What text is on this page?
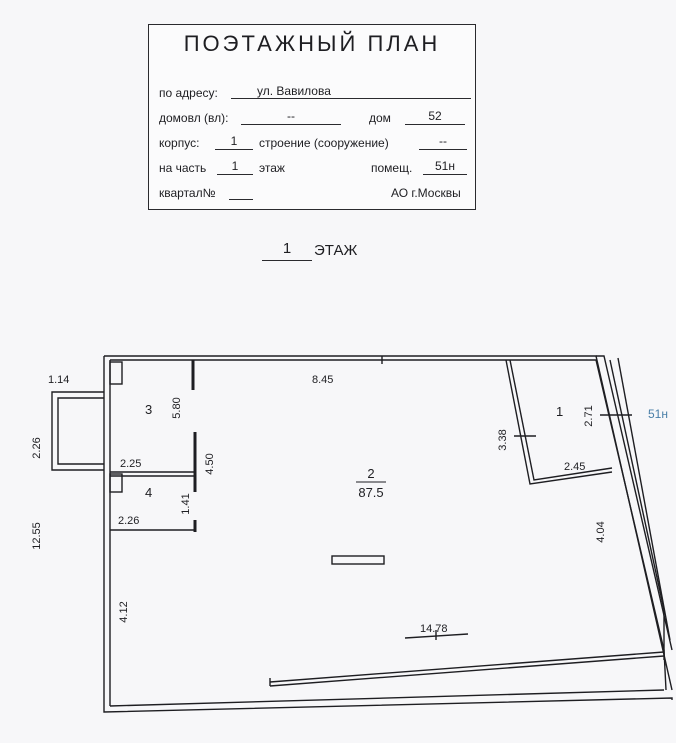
ПОЭТАЖНЫЙ ПЛАН
по адресу:	ул. Вавилова
домовл (вл):	--	дом	52
корпус:	1	строение (сооружение)	--
на часть	1	этаж	помещ.	51н
квартал№	АО г.Москвы
1	ЭТАЖ
8.45
1.14
2.26
12.55
5.80
2.25	4.50
1.41
2.26
4.12
3.38
2.71
2.45
4.04
14.78
3
4
1
2
87.5
51н
